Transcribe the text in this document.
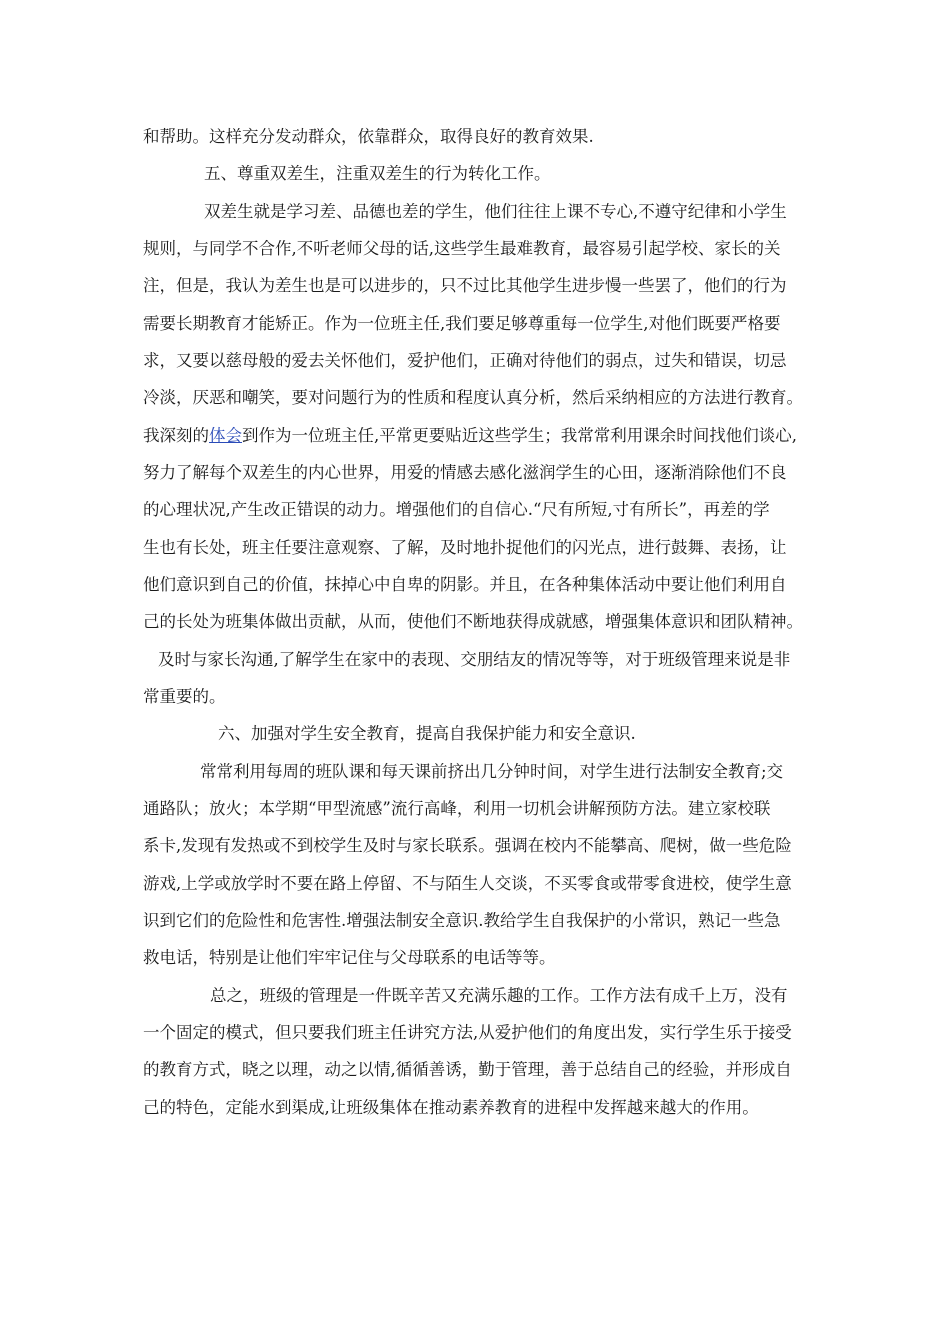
和帮助。这样充分发动群众，依靠群众，取得良好的教育效果.
五、尊重双差生，注重双差生的行为转化工作。
双差生就是学习差、品德也差的学生，他们往往上课不专心,不遵守纪律和小学生
规则，与同学不合作,不听老师父母的话,这些学生最难教育，最容易引起学校、家长的关
注，但是，我认为差生也是可以进步的，只不过比其他学生进步慢一些罢了，他们的行为
需要长期教育才能矫正。作为一位班主任,我们要足够尊重每一位学生,对他们既要严格要
求，又要以慈母般的爱去关怀他们，爱护他们，正确对待他们的弱点，过失和错误，切忌
冷淡，厌恶和嘲笑，要对问题行为的性质和程度认真分析，然后采纳相应的方法进行教育。
我深刻的体会到作为一位班主任,平常更要贴近这些学生；我常常利用课余时间找他们谈心,
努力了解每个双差生的内心世界，用爱的情感去感化滋润学生的心田，逐渐消除他们不良
的心理状况,产生改正错误的动力。增强他们的自信心.“尺有所短,寸有所长”，再差的学
生也有长处，班主任要注意观察、了解，及时地扑捉他们的闪光点，进行鼓舞、表扬，让
他们意识到自己的价值，抹掉心中自卑的阴影。并且，在各种集体活动中要让他们利用自
己的长处为班集体做出贡献，从而，使他们不断地获得成就感，增强集体意识和团队精神。
及时与家长沟通,了解学生在家中的表现、交朋结友的情况等等，对于班级管理来说是非
常重要的。
六、加强对学生安全教育，提高自我保护能力和安全意识.
常常利用每周的班队课和每天课前挤出几分钟时间，对学生进行法制安全教育;交
通路队；放火；本学期“甲型流感”流行高峰，利用一切机会讲解预防方法。建立家校联
系卡,发现有发热或不到校学生及时与家长联系。强调在校内不能攀高、爬树，做一些危险
游戏,上学或放学时不要在路上停留、不与陌生人交谈，不买零食或带零食进校，使学生意
识到它们的危险性和危害性.增强法制安全意识.教给学生自我保护的小常识，熟记一些急
救电话，特别是让他们牢牢记住与父母联系的电话等等。
总之，班级的管理是一件既辛苦又充满乐趣的工作。工作方法有成千上万，没有
一个固定的模式，但只要我们班主任讲究方法,从爱护他们的角度出发，实行学生乐于接受
的教育方式，晓之以理，动之以情,循循善诱，勤于管理，善于总结自己的经验，并形成自
己的特色，定能水到渠成,让班级集体在推动素养教育的进程中发挥越来越大的作用。
